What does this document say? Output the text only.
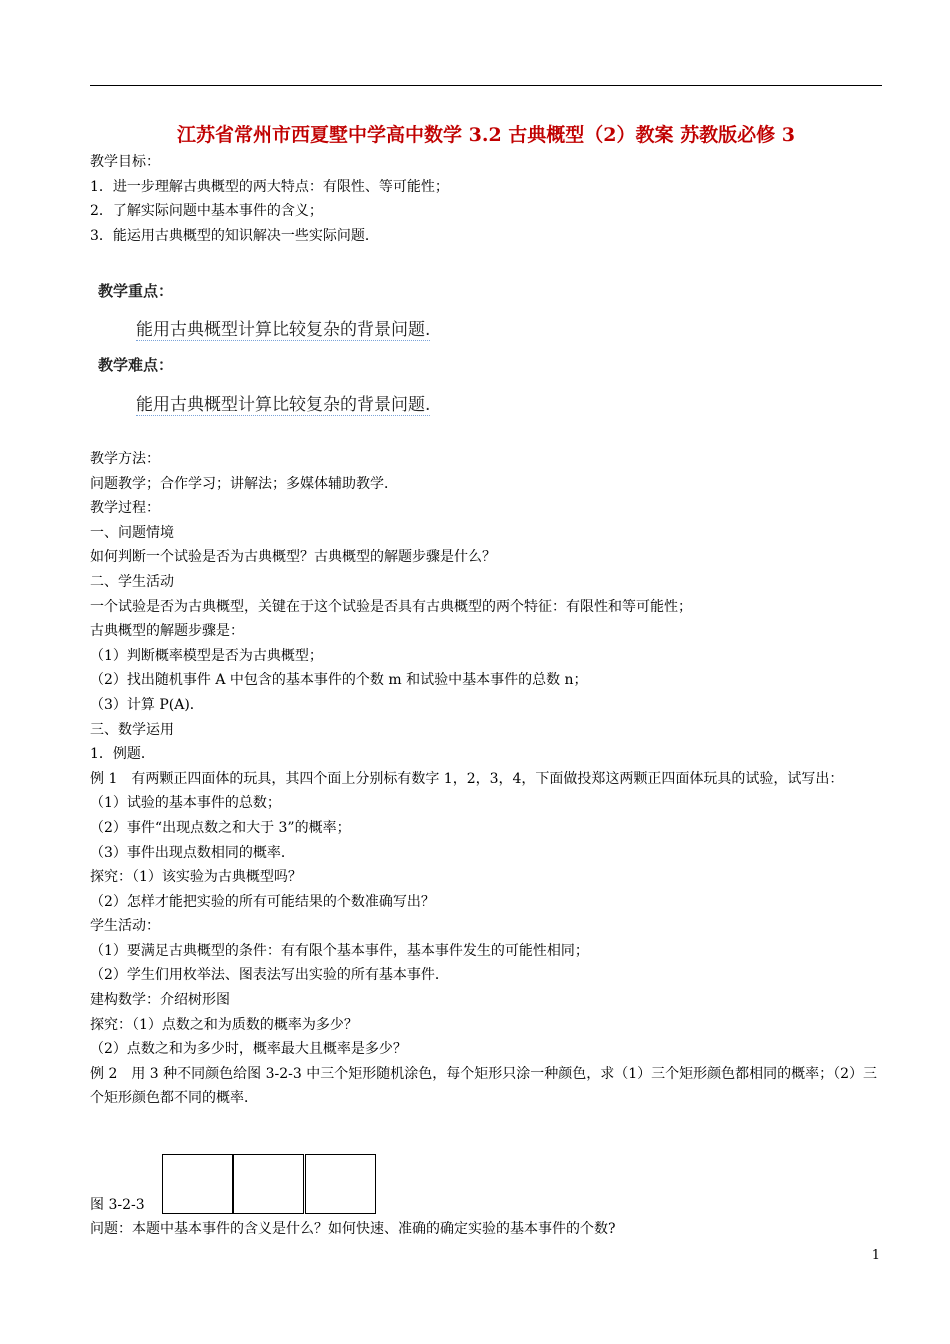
江苏省常州市西夏墅中学高中数学 3.2 古典概型（2）教案 苏教版必修 3

教学目标：

1．进一步理解古典概型的两大特点：有限性、等可能性；

2．了解实际问题中基本事件的含义；

3．能运用古典概型的知识解决一些实际问题．

教学重点：
能用古典概型计算比较复杂的背景问题.
教学难点：
能用古典概型计算比较复杂的背景问题.

教学方法：

问题教学；合作学习；讲解法；多媒体辅助教学．

教学过程：

一、问题情境

如何判断一个试验是否为古典概型？古典概型的解题步骤是什么？

二、学生活动

一个试验是否为古典概型，关键在于这个试验是否具有古典概型的两个特征：有限性和等可能性；

古典概型的解题步骤是：

（1）判断概率模型是否为古典概型；

（2）找出随机事件 A 中包含的基本事件的个数 m 和试验中基本事件的总数 n；

（3）计算 P(A)．

三、数学运用

1．例题．

例 1　有两颗正四面体的玩具，其四个面上分别标有数字 1，2，3，4，下面做投郑这两颗正四面体玩具的试验，试写出：

（1）试验的基本事件的总数；

（2）事件“出现点数之和大于 3”的概率；

（3）事件出现点数相同的概率．

探究：（1）该实验为古典概型吗？

（2）怎样才能把实验的所有可能结果的个数准确写出？

学生活动：

（1）要满足古典概型的条件：有有限个基本事件，基本事件发生的可能性相同；

（2）学生们用枚举法、图表法写出实验的所有基本事件．

建构数学：介绍树形图

探究：（1）点数之和为质数的概率为多少？

（2）点数之和为多少时，概率最大且概率是多少？

例 2　用 3 种不同颜色给图 3-2-3 中三个矩形随机涂色，每个矩形只涂一种颜色，求（1）三个矩形颜色都相同的概率；（2）三个矩形颜色都不同的概率．

图 3-2-3
问题：本题中基本事件的含义是什么？如何快速、准确的确定实验的基本事件的个数?
1
